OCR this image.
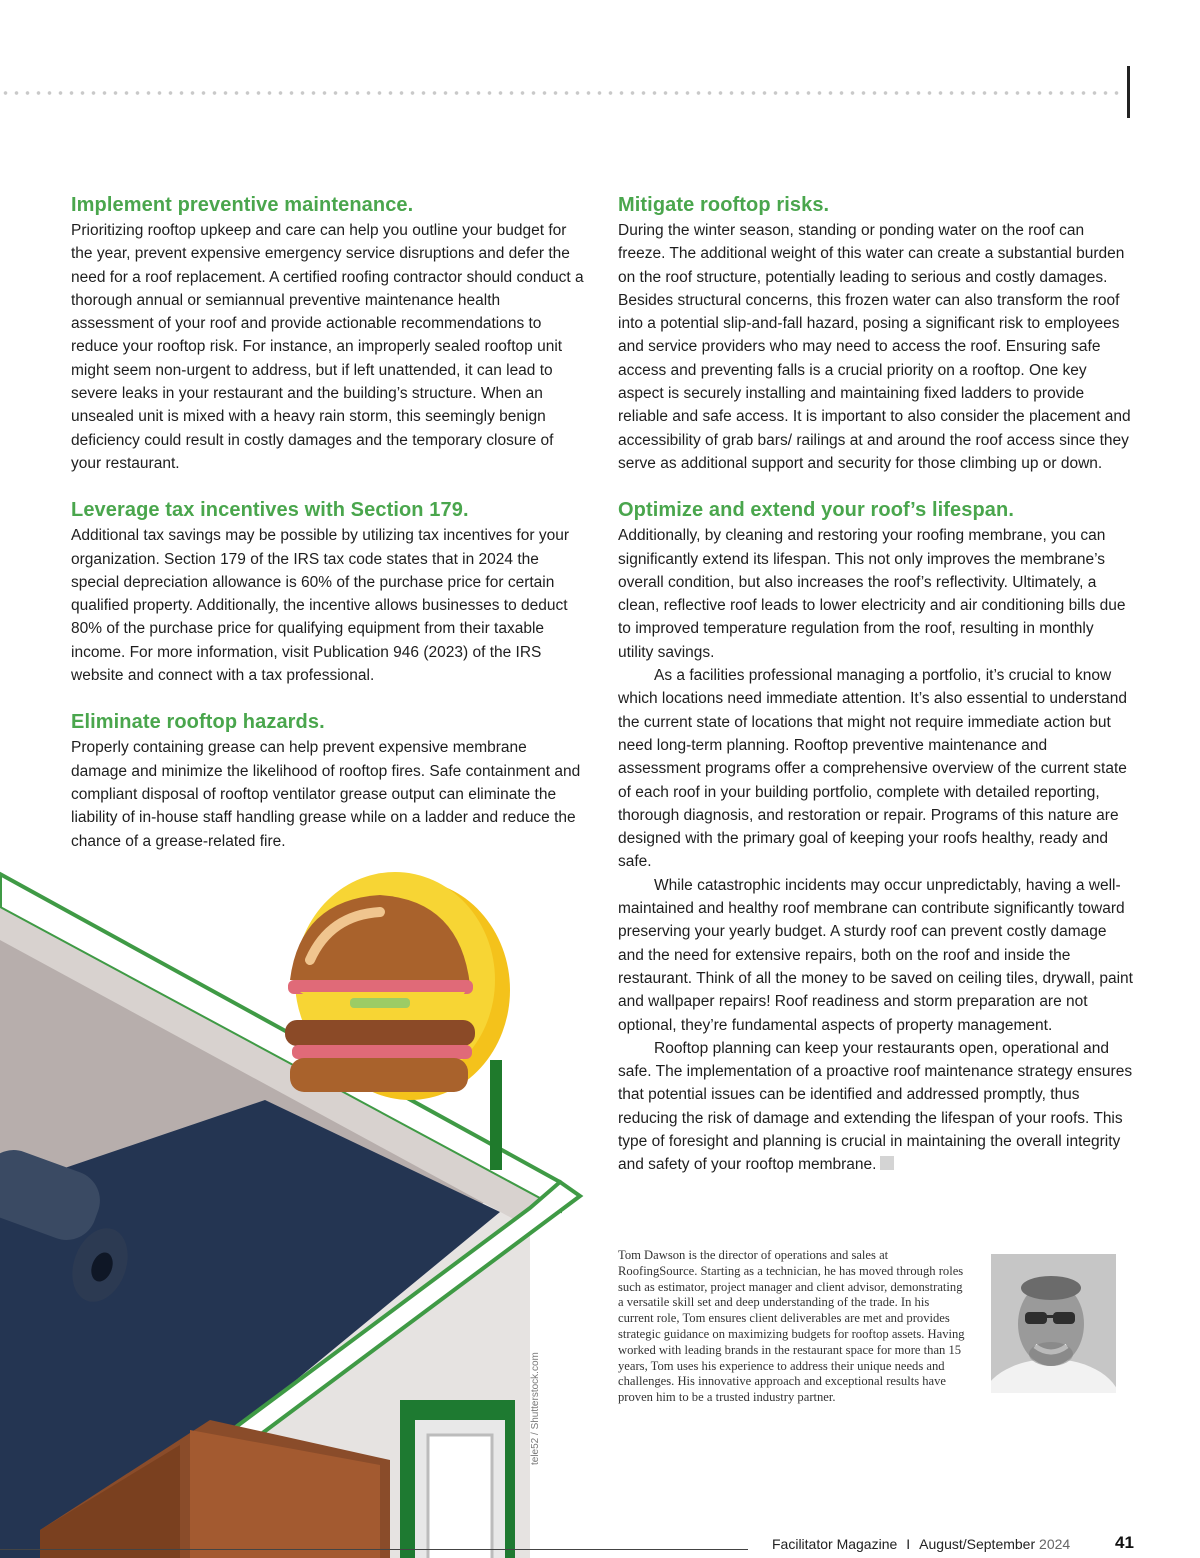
Implement preventive maintenance.

Prioritizing rooftop upkeep and care can help you outline your budget for the year, prevent expensive emergency service disruptions and defer the need for a roof replacement. A certified roofing contractor should conduct a thorough annual or semiannual preventive maintenance health assessment of your roof and provide actionable recommendations to reduce your rooftop risk. For instance, an improperly sealed rooftop unit might seem non-urgent to address, but if left unattended, it can lead to severe leaks in your restaurant and the building’s structure. When an unsealed unit is mixed with a heavy rain storm, this seemingly benign deficiency could result in costly damages and the temporary closure of your restaurant.

Leverage tax incentives with Section 179.

Additional tax savings may be possible by utilizing tax incentives for your organization. Section 179 of the IRS tax code states that in 2024 the special depreciation allowance is 60% of the purchase price for certain qualified property. Additionally, the incentive allows businesses to deduct 80% of the purchase price for qualifying equipment from their taxable income. For more information, visit Publication 946 (2023) of the IRS website and connect with a tax professional.

Eliminate rooftop hazards.

Properly containing grease can help prevent expensive membrane damage and minimize the likelihood of rooftop fires. Safe containment and compliant disposal of rooftop ventilator grease output can eliminate the liability of in-house staff handling grease while on a ladder and reduce the chance of a grease-related fire.

Mitigate rooftop risks.

During the winter season, standing or ponding water on the roof can freeze. The additional weight of this water can create a substantial burden on the roof structure, potentially leading to serious and costly damages. Besides structural concerns, this frozen water can also transform the roof into a potential slip-and-fall hazard, posing a significant risk to employees and service providers who may need to access the roof. Ensuring safe access and preventing falls is a crucial priority on a rooftop. One key aspect is securely installing and maintaining fixed ladders to provide reliable and safe access. It is important to also consider the placement and accessibility of grab bars/ railings at and around the roof access since they serve as additional support and security for those climbing up or down.

Optimize and extend your roof’s lifespan.

Additionally, by cleaning and restoring your roofing membrane, you can significantly extend its lifespan. This not only improves the membrane’s overall condition, but also increases the roof’s reflectivity. Ultimately, a clean, reflective roof leads to lower electricity and air conditioning bills due to improved temperature regulation from the roof, resulting in monthly utility savings.

As a facilities professional managing a portfolio, it’s crucial to know which locations need immediate attention. It’s also essential to understand the current state of locations that might not require immediate action but need long-term planning. Rooftop preventive maintenance and assessment programs offer a comprehensive overview of the current state of each roof in your building portfolio, complete with detailed reporting, thorough diagnosis, and restoration or repair. Programs of this nature are designed with the primary goal of keeping your roofs healthy, ready and safe.

While catastrophic incidents may occur unpredictably, having a well-maintained and healthy roof membrane can contribute significantly toward preserving your yearly budget. A sturdy roof can prevent costly damage and the need for extensive repairs, both on the roof and inside the restaurant. Think of all the money to be saved on ceiling tiles, drywall, paint and wallpaper repairs! Roof readiness and storm preparation are not optional, they’re fundamental aspects of property management.

Rooftop planning can keep your restaurants open, operational and safe. The implementation of a proactive roof maintenance strategy ensures that potential issues can be identified and addressed promptly, thus reducing the risk of damage and extending the lifespan of your roofs. This type of foresight and planning is crucial in maintaining the overall integrity and safety of your rooftop membrane.

tele52 / Shutterstock.com
Tom Dawson is the director of operations and sales at RoofingSource. Starting as a technician, he has moved through roles such as estimator, project manager and client advisor, demonstrating a versatile skill set and deep understanding of the trade. In his current role, Tom ensures client deliverables are met and provides strategic guidance on maximizing budgets for rooftop assets. Having worked with leading brands in the restaurant space for more than 15 years, Tom uses his experience to address their unique needs and challenges. His innovative approach and exceptional results have proven him to be a trusted industry partner.
Facilitator Magazine I August/September 2024	41
